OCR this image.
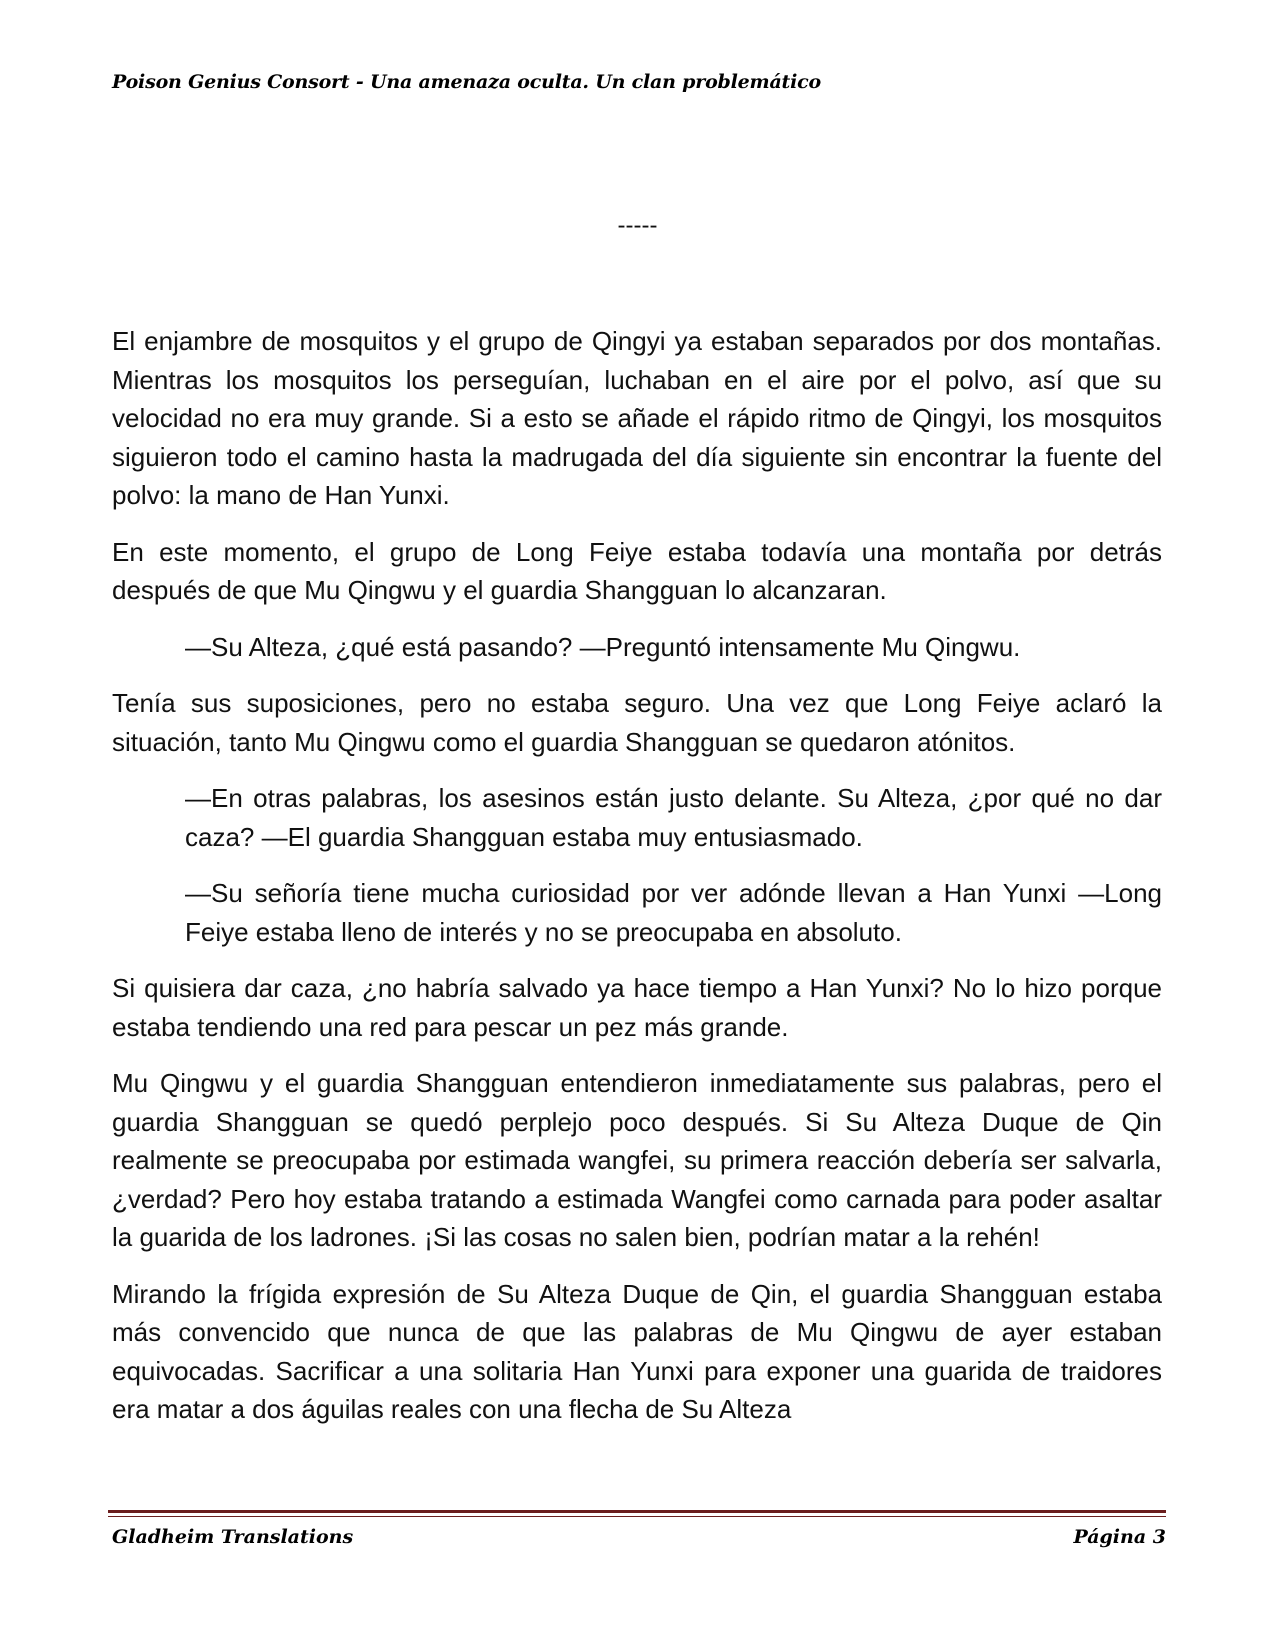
Poison Genius Consort - Una amenaza oculta. Un clan problemático
-----

El enjambre de mosquitos y el grupo de Qingyi ya estaban separados por dos montañas. Mientras los mosquitos los perseguían, luchaban en el aire por el polvo, así que su velocidad no era muy grande. Si a esto se añade el rápido ritmo de Qingyi, los mosquitos siguieron todo el camino hasta la madrugada del día siguiente sin encontrar la fuente del polvo: la mano de Han Yunxi.

En este momento, el grupo de Long Feiye estaba todavía una montaña por detrás después de que Mu Qingwu y el guardia Shangguan lo alcanzaran.

—Su Alteza, ¿qué está pasando? —Preguntó intensamente Mu Qingwu.

Tenía sus suposiciones, pero no estaba seguro. Una vez que Long Feiye aclaró la situación, tanto Mu Qingwu como el guardia Shangguan se quedaron atónitos.

—En otras palabras, los asesinos están justo delante. Su Alteza, ¿por qué no dar caza? —El guardia Shangguan estaba muy entusiasmado.

—Su señoría tiene mucha curiosidad por ver adónde llevan a Han Yunxi —Long Feiye estaba lleno de interés y no se preocupaba en absoluto.

Si quisiera dar caza, ¿no habría salvado ya hace tiempo a Han Yunxi? No lo hizo porque estaba tendiendo una red para pescar un pez más grande.

Mu Qingwu y el guardia Shangguan entendieron inmediatamente sus palabras, pero el guardia Shangguan se quedó perplejo poco después. Si Su Alteza Duque de Qin realmente se preocupaba por estimada wangfei, su primera reacción debería ser salvarla, ¿verdad? Pero hoy estaba tratando a estimada Wangfei como carnada para poder asaltar la guarida de los ladrones. ¡Si las cosas no salen bien, podrían matar a la rehén!

Mirando la frígida expresión de Su Alteza Duque de Qin, el guardia Shangguan estaba más convencido que nunca de que las palabras de Mu Qingwu de ayer estaban equivocadas. Sacrificar a una solitaria Han Yunxi para exponer una guarida de traidores era matar a dos águilas reales con una flecha de Su Alteza

Gladheim Translations	Página 3
